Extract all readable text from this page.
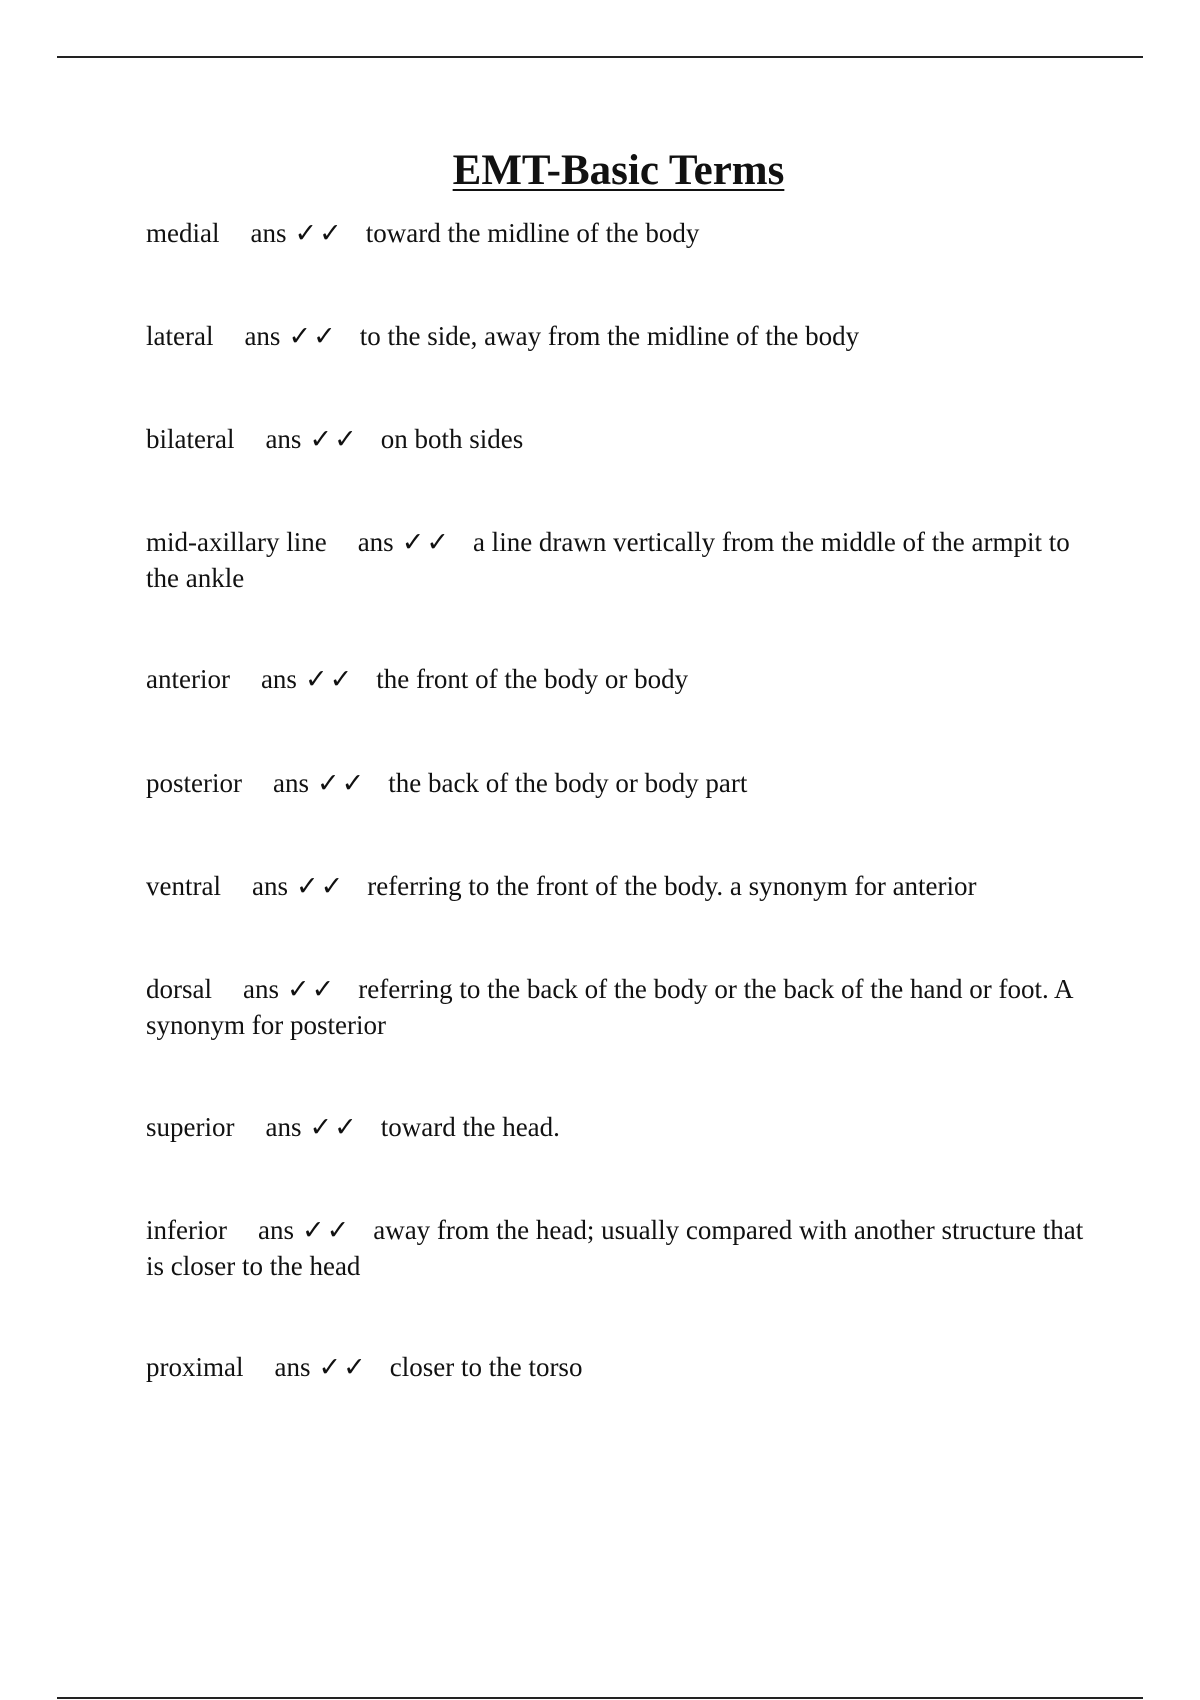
EMT-Basic Terms

medial ans ✓✓ toward the midline of the body

lateral ans ✓✓ to the side, away from the midline of the body

bilateral ans ✓✓ on both sides

mid-axillary line ans ✓✓ a line drawn vertically from the middle of the armpit to the ankle

anterior ans ✓✓ the front of the body or body

posterior ans ✓✓ the back of the body or body part

ventral ans ✓✓ referring to the front of the body. a synonym for anterior

dorsal ans ✓✓ referring to the back of the body or the back of the hand or foot. A synonym for posterior

superior ans ✓✓ toward the head.

inferior ans ✓✓ away from the head; usually compared with another structure that is closer to the head

proximal ans ✓✓ closer to the torso
